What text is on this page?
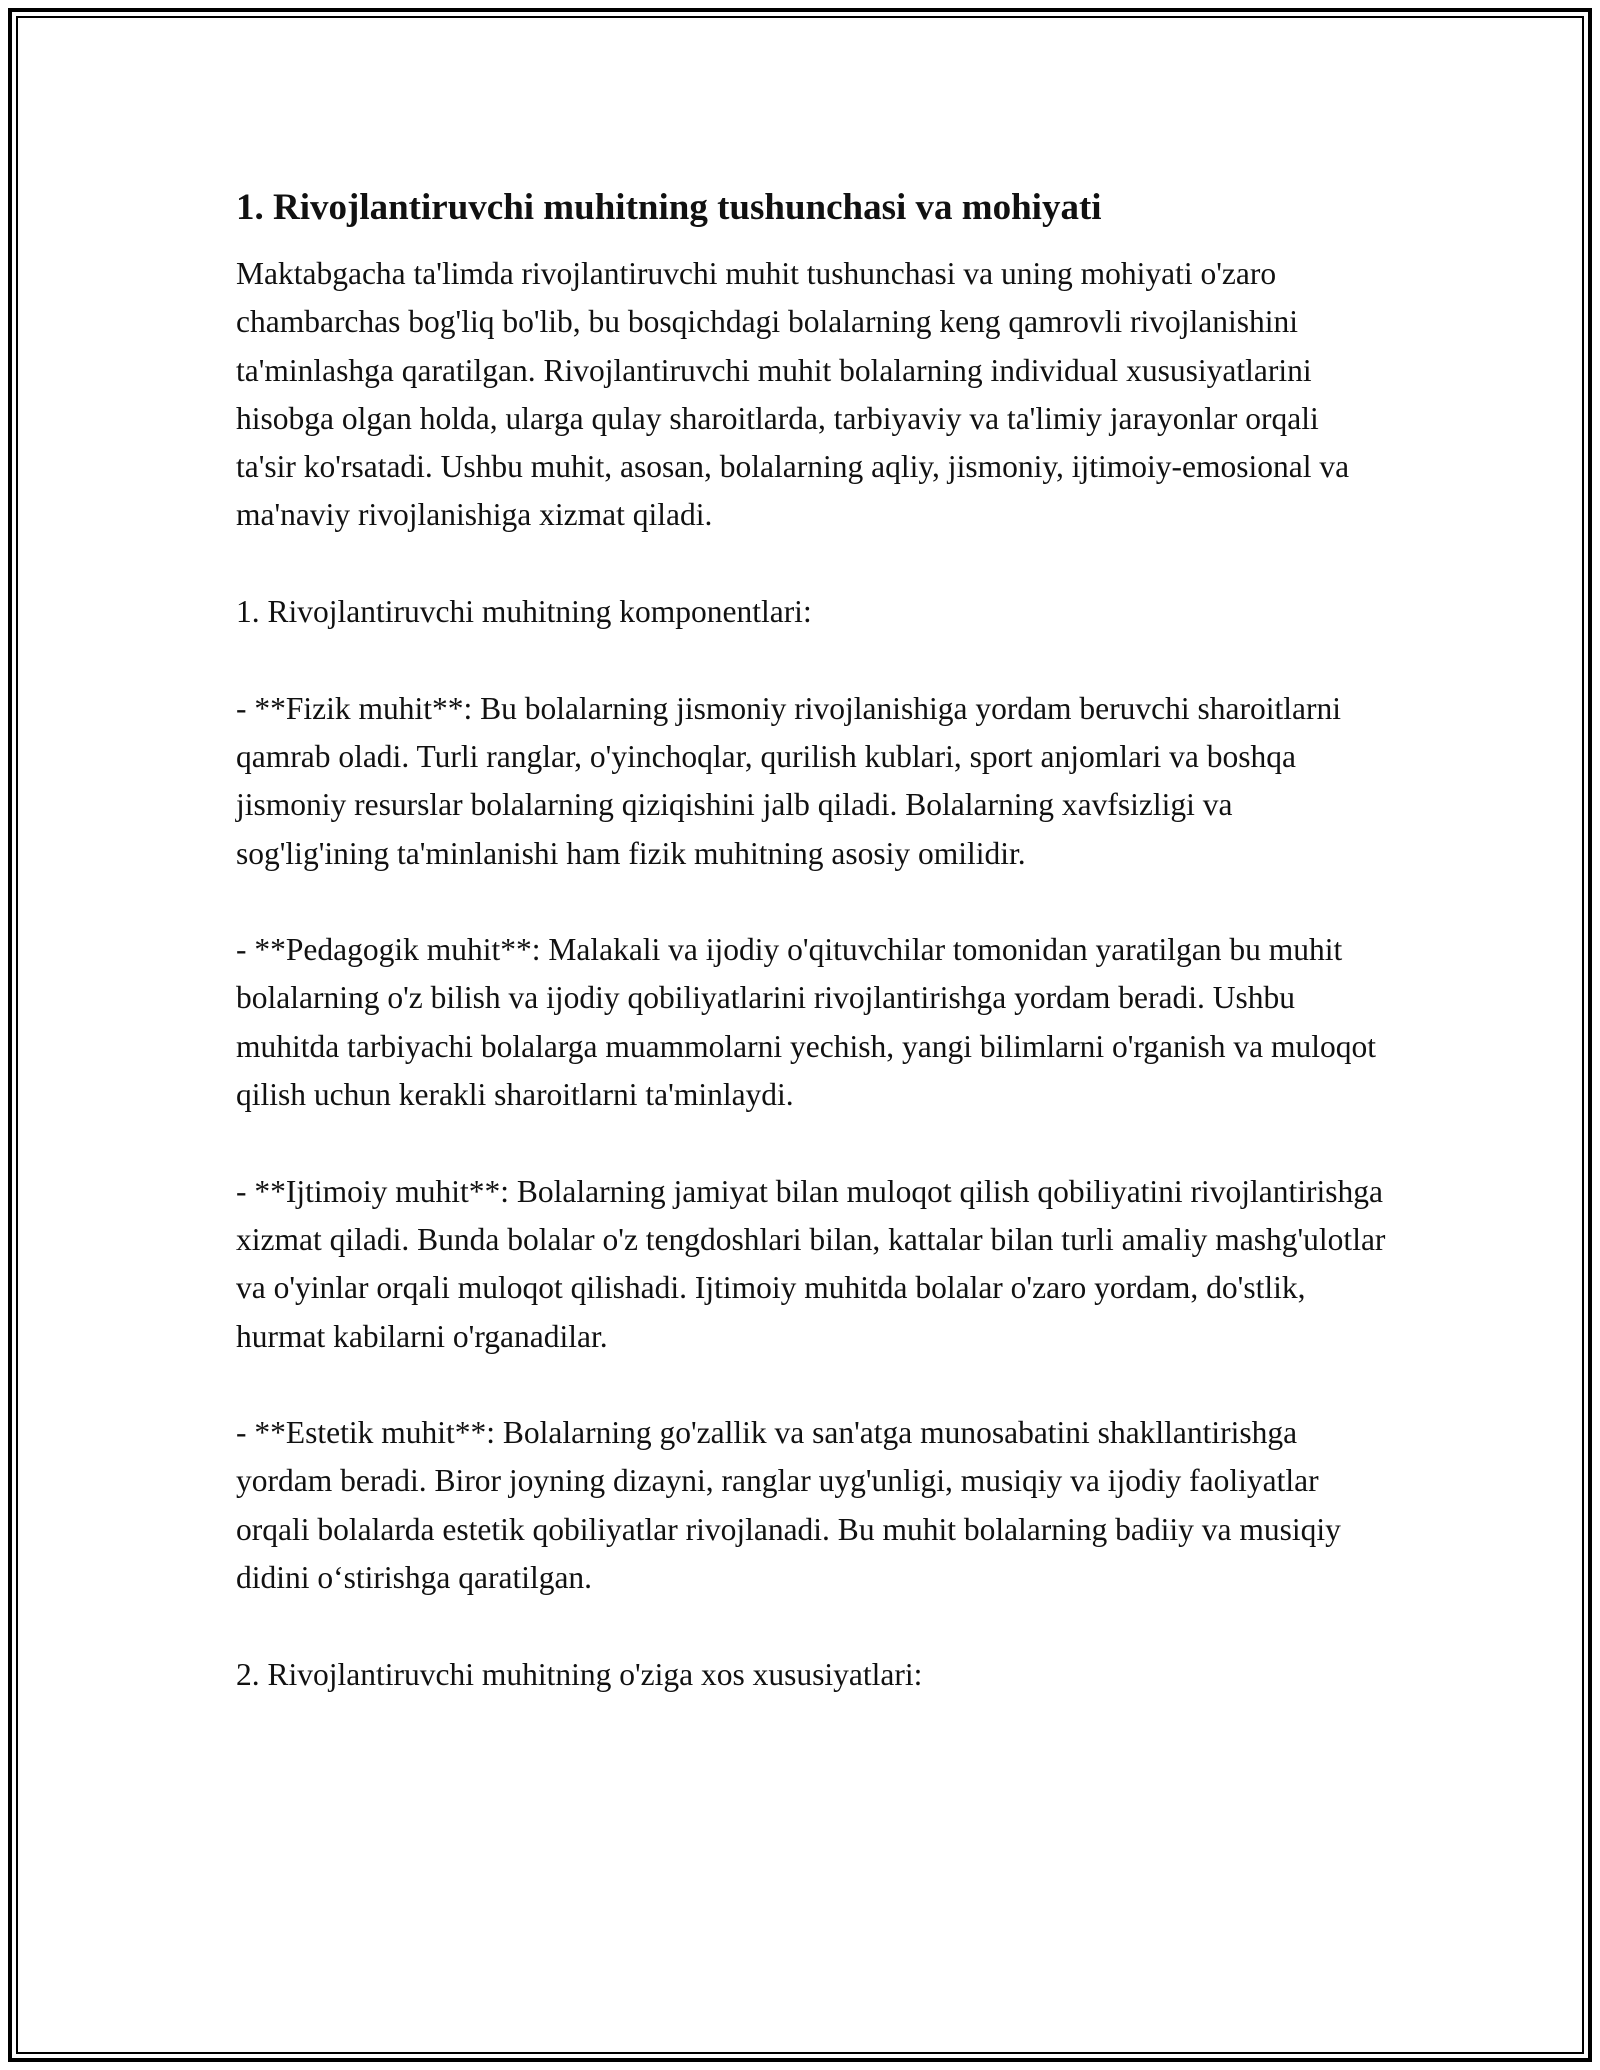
1. Rivojlantiruvchi muhitning tushunchasi va mohiyati

Maktabgacha ta'limda rivojlantiruvchi muhit tushunchasi va uning mohiyati o'zaro chambarchas bog'liq bo'lib, bu bosqichdagi bolalarning keng qamrovli rivojlanishini ta'minlashga qaratilgan. Rivojlantiruvchi muhit bolalarning individual xususiyatlarini hisobga olgan holda, ularga qulay sharoitlarda, tarbiyaviy va ta'limiy jarayonlar orqali ta'sir ko'rsatadi. Ushbu muhit, asosan, bolalarning aqliy, jismoniy, ijtimoiy-emosional va ma'naviy rivojlanishiga xizmat qiladi.

1. Rivojlantiruvchi muhitning komponentlari:

- **Fizik muhit**: Bu bolalarning jismoniy rivojlanishiga yordam beruvchi sharoitlarni qamrab oladi. Turli ranglar, o'yinchoqlar, qurilish kublari, sport anjomlari va boshqa jismoniy resurslar bolalarning qiziqishini jalb qiladi. Bolalarning xavfsizligi va sog'lig'ining ta'minlanishi ham fizik muhitning asosiy omilidir.

- **Pedagogik muhit**: Malakali va ijodiy o'qituvchilar tomonidan yaratilgan bu muhit bolalarning o'z bilish va ijodiy qobiliyatlarini rivojlantirishga yordam beradi. Ushbu muhitda tarbiyachi bolalarga muammolarni yechish, yangi bilimlarni o'rganish va muloqot qilish uchun kerakli sharoitlarni ta'minlaydi.

- **Ijtimoiy muhit**: Bolalarning jamiyat bilan muloqot qilish qobiliyatini rivojlantirishga xizmat qiladi. Bunda bolalar o'z tengdoshlari bilan, kattalar bilan turli amaliy mashg'ulotlar va o'yinlar orqali muloqot qilishadi. Ijtimoiy muhitda bolalar o'zaro yordam, do'stlik, hurmat kabilarni o'rganadilar.

- **Estetik muhit**: Bolalarning go'zallik va san'atga munosabatini shakllantirishga yordam beradi. Biror joyning dizayni, ranglar uyg'unligi, musiqiy va ijodiy faoliyatlar orqali bolalarda estetik qobiliyatlar rivojlanadi. Bu muhit bolalarning badiiy va musiqiy didini o‘stirishga qaratilgan.

2. Rivojlantiruvchi muhitning o'ziga xos xususiyatlari:
